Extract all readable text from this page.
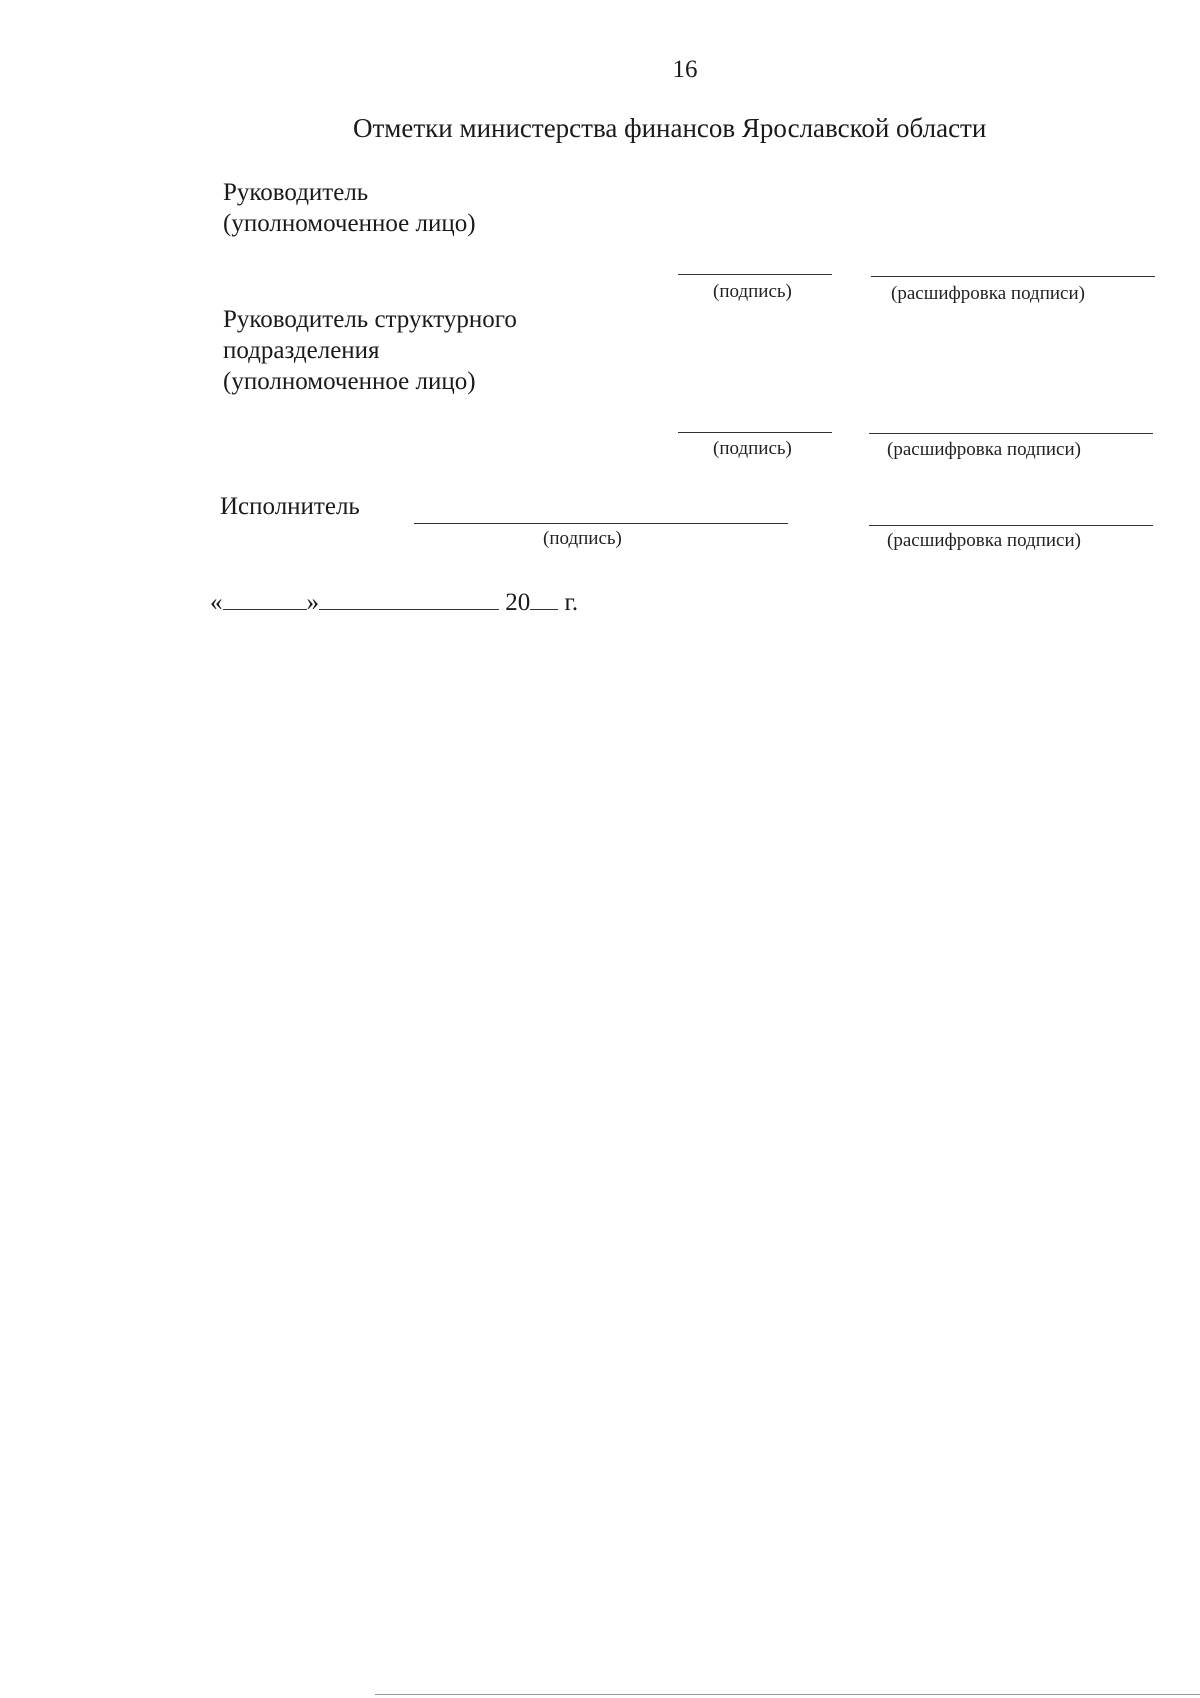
16
Отметки министерства финансов Ярославской области
Руководитель
(уполномоченное лицо)
(подпись)	(расшифровка подписи)
Руководитель структурного
подразделения
(уполномоченное лицо)
(подпись)	(расшифровка подписи)
Исполнитель
(подпись)	(расшифровка подписи)
«	»	20 г.
